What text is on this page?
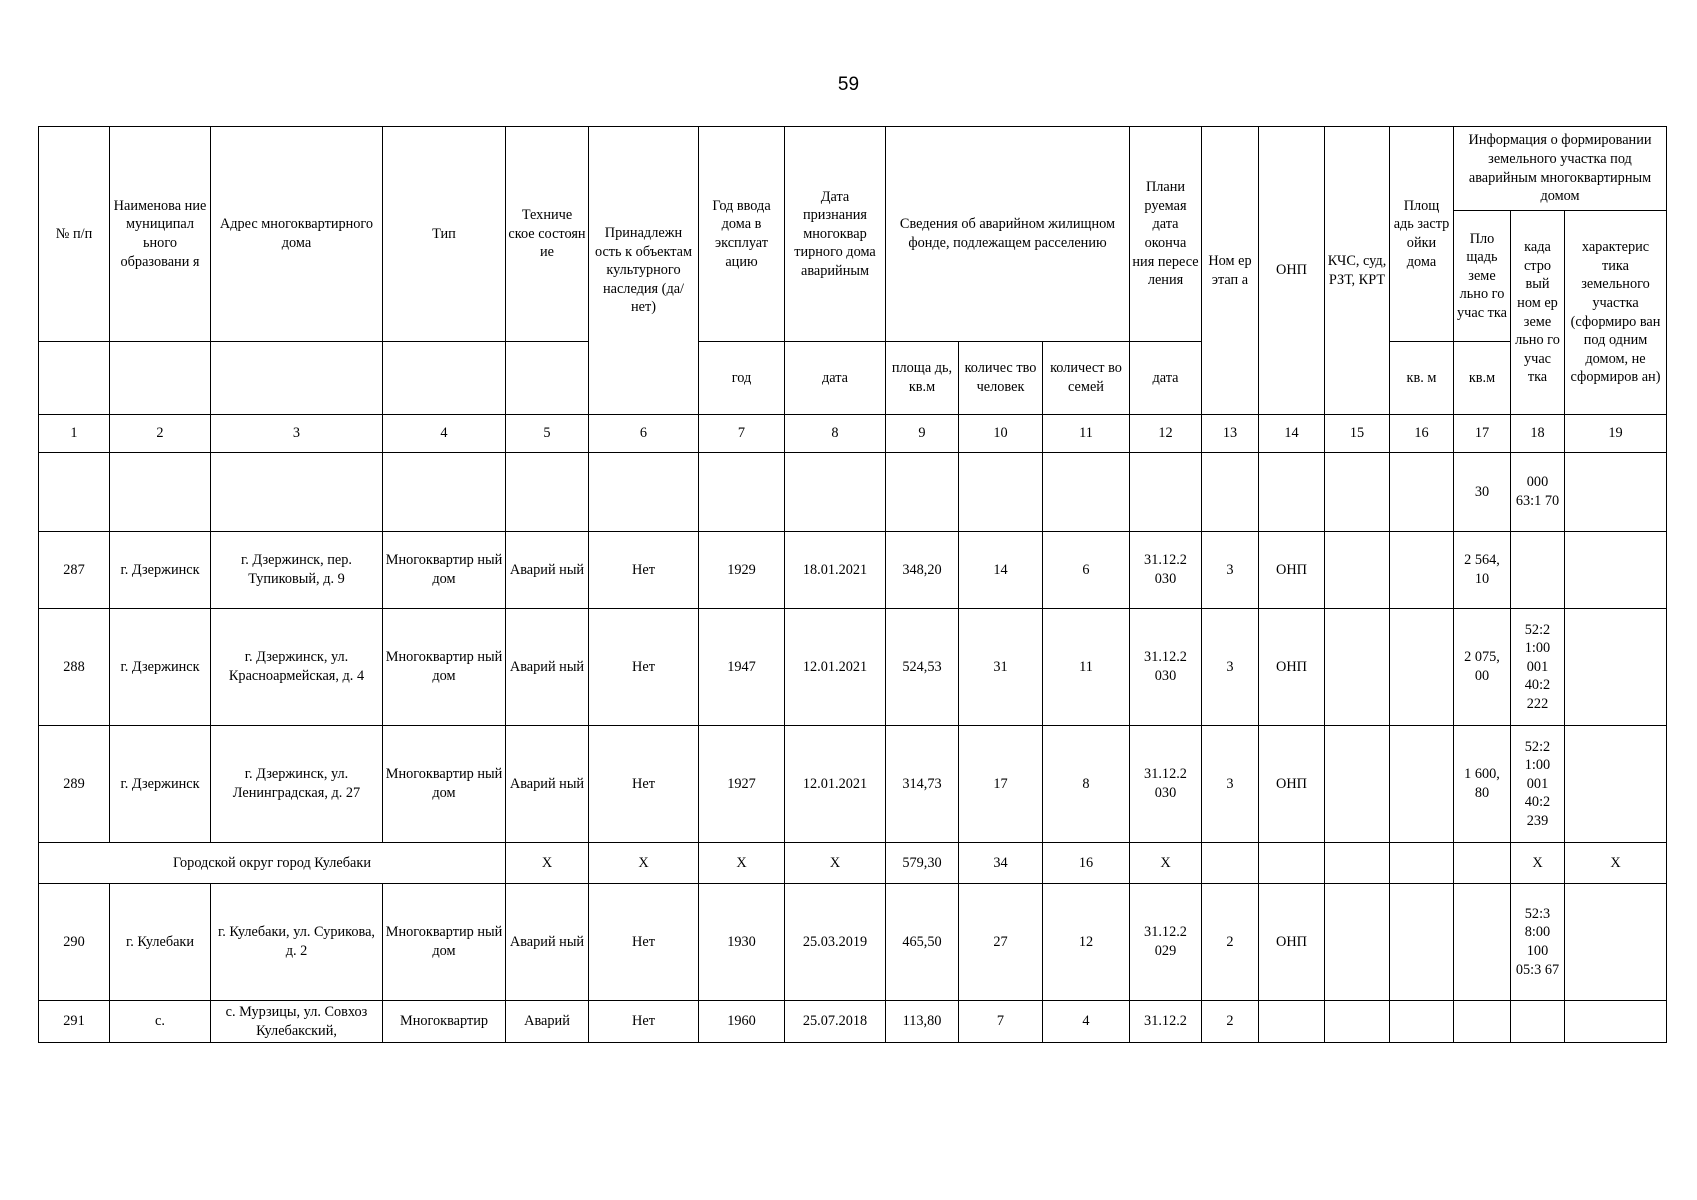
59
№ п/п	Наименова ние муниципал ьного образовани я	Адрес многоквартирного дома	Тип	Техниче ское состоян ие	Принадлежн ость к объектам культурного наследия (да/нет)	Год ввода дома в эксплуат ацию	Дата признания многоквар тирного дома аварийным	Сведения об аварийном жилищном фонде, подлежащем расселению			Плани руемая дата оконча ния пересе ления	Ном ер этап а	ОНП	КЧС, суд, РЗТ, КРТ	Площ адь застр ойки дома	Информация о формировании земельного участка под аварийным многоквартирным домом		
																Пло щадь земе льно го учас тка	када стро вый ном ер земе льно го учас тка	характерис тика земельного участка (сформиро ван под одним домом, не сформиров ан)
						год	дата	площа дь, кв.м	количес тво человек	количест во семей	дата				кв. м	кв.м		
1	2	3	4	5	6	7	8	9	10	11	12	13	14	15	16	17	18	19
																30	000 63:1 70	
287	г. Дзержинск	г. Дзержинск, пер. Тупиковый, д. 9	Многоквартир ный дом	Аварий ный	Нет	1929	18.01.2021	348,20	14	6	31.12.2 030	3	ОНП			2 564, 10		
288	г. Дзержинск	г. Дзержинск, ул. Красноармейская, д. 4	Многоквартир ный дом	Аварий ный	Нет	1947	12.01.2021	524,53	31	11	31.12.2 030	3	ОНП			2 075, 00	52:2 1:00 001 40:2 222	
289	г. Дзержинск	г. Дзержинск, ул. Ленинградская, д. 27	Многоквартир ный дом	Аварий ный	Нет	1927	12.01.2021	314,73	17	8	31.12.2 030	3	ОНП			1 600, 80	52:2 1:00 001 40:2 239	
Городской округ город Кулебаки				Х	Х	Х	Х	579,30	34	16	Х						Х	Х
290	г. Кулебаки	г. Кулебаки, ул. Сурикова, д. 2	Многоквартир ный дом	Аварий ный	Нет	1930	25.03.2019	465,50	27	12	31.12.2 029	2	ОНП				52:3 8:00 100 05:3 67	
291	с.	с. Мурзицы, ул. Совхоз Кулебакский,	Многоквартир	Аварий	Нет	1960	25.07.2018	113,80	7	4	31.12.2	2						
